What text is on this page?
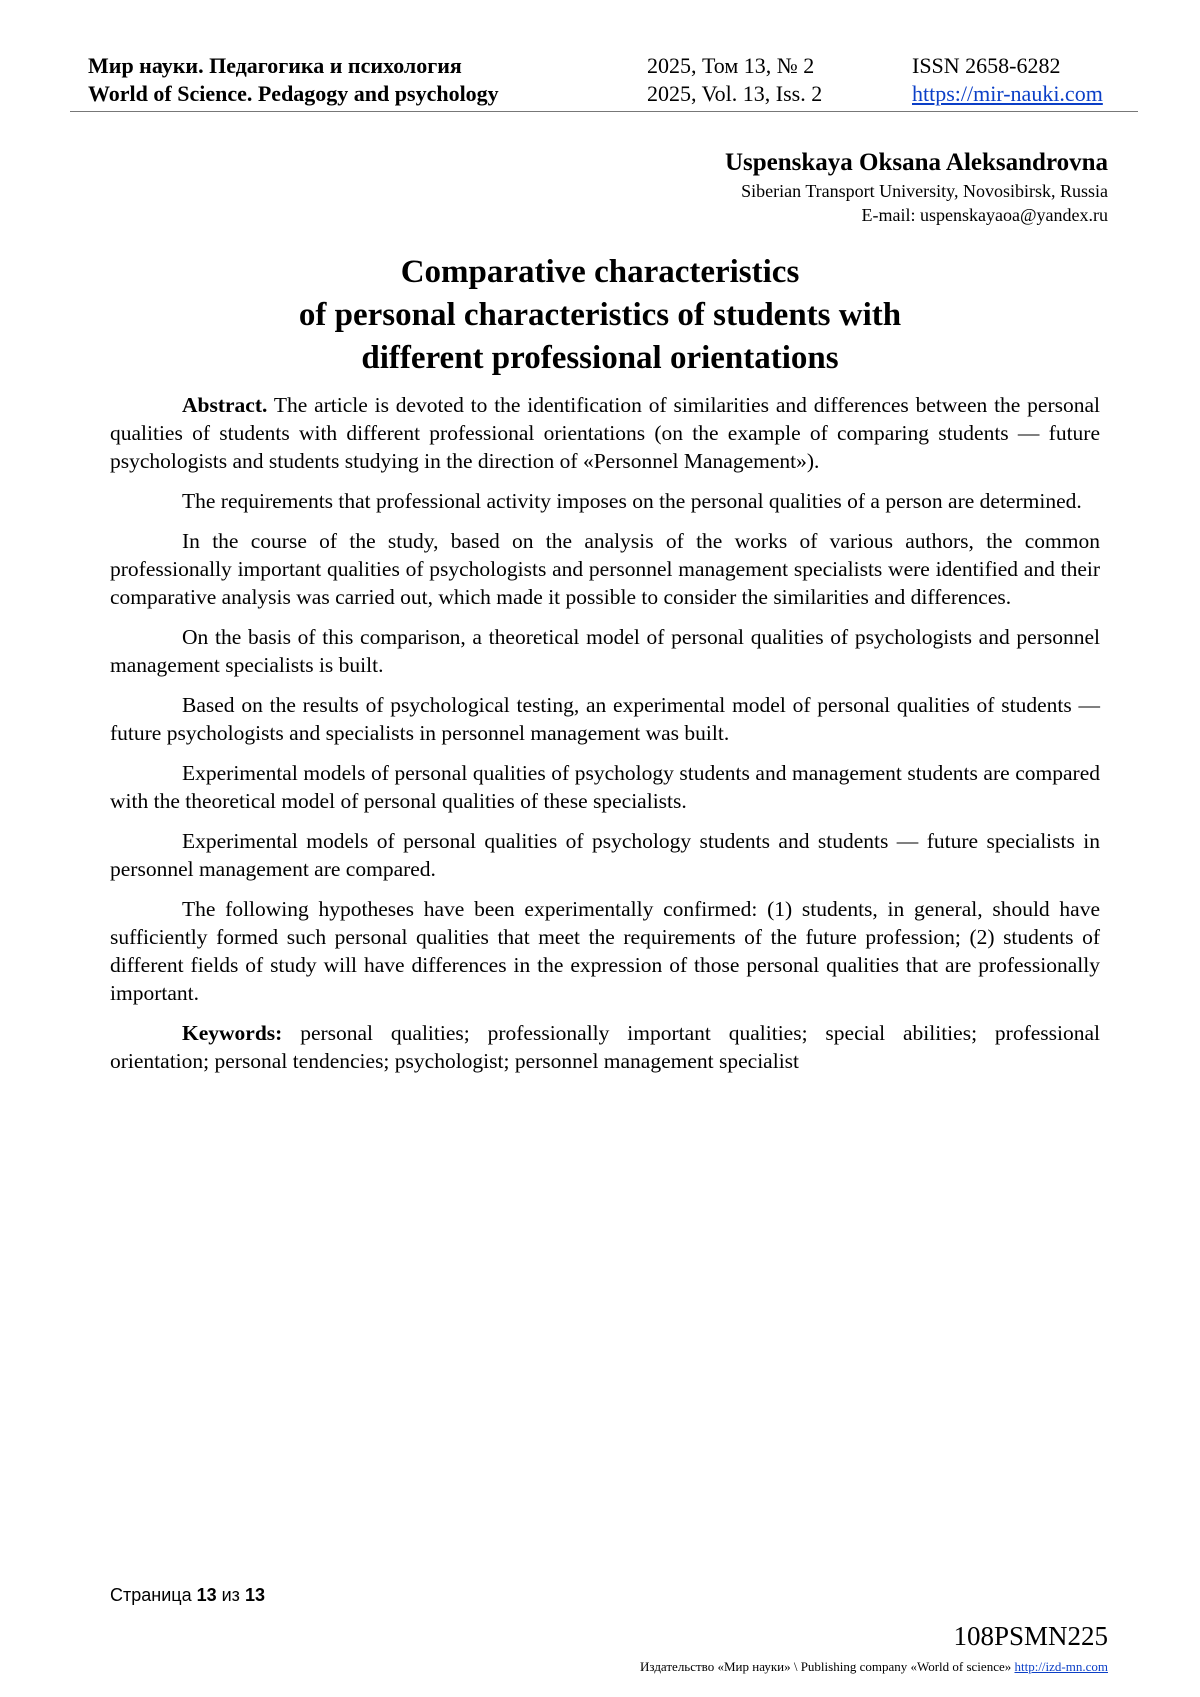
Мир науки. Педагогика и психология
World of Science. Pedagogy and psychology
2025, Том 13, № 2
2025, Vol. 13, Iss. 2
ISSN 2658-6282
https://mir-nauki.com
Uspenskaya Oksana Aleksandrovna
Siberian Transport University, Novosibirsk, Russia
E-mail: uspenskayaoa@yandex.ru
Comparative characteristics
of personal characteristics of students with
different professional orientations

Abstract. The article is devoted to the identification of similarities and differences between the personal qualities of students with different professional orientations (on the example of comparing students — future psychologists and students studying in the direction of «Personnel Management»).

The requirements that professional activity imposes on the personal qualities of a person are determined.

In the course of the study, based on the analysis of the works of various authors, the common professionally important qualities of psychologists and personnel management specialists were identified and their comparative analysis was carried out, which made it possible to consider the similarities and differences.

On the basis of this comparison, a theoretical model of personal qualities of psychologists and personnel management specialists is built.

Based on the results of psychological testing, an experimental model of personal qualities of students — future psychologists and specialists in personnel management was built.

Experimental models of personal qualities of psychology students and management students are compared with the theoretical model of personal qualities of these specialists.

Experimental models of personal qualities of psychology students and students — future specialists in personnel management are compared.

The following hypotheses have been experimentally confirmed: (1) students, in general, should have sufficiently formed such personal qualities that meet the requirements of the future profession; (2) students of different fields of study will have differences in the expression of those personal qualities that are professionally important.

Keywords: personal qualities; professionally important qualities; special abilities; professional orientation; personal tendencies; psychologist; personnel management specialist

Страница 13 из 13
108PSMN225
Издательство «Мир науки» \ Publishing company «World of science» http://izd-mn.com
